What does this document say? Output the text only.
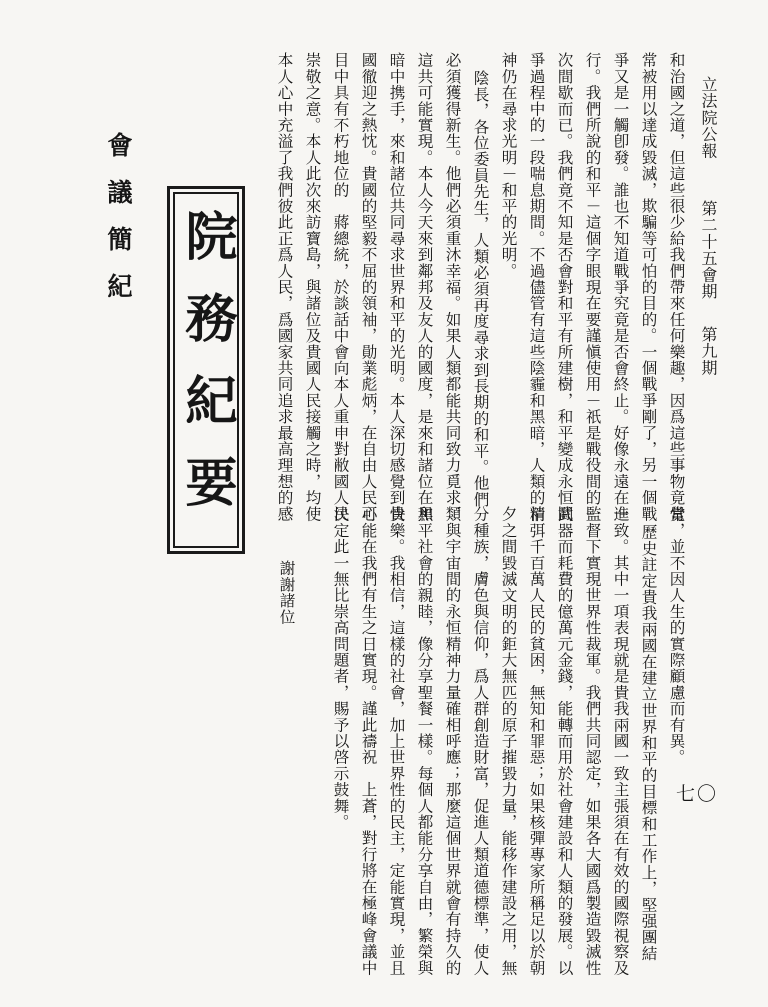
立法院公報
第二十五會期
第九期
和治國之道，但這些很少給我們帶來任何樂趣，因爲這些事物竟常
常被用以達成毀滅，欺騙等可怕的目的。一個戰爭剛了，另一個戰
爭又是一觸卽發。誰也不知道戰爭究竟是否會終止。好像永遠在進
行。我們所說的和平－這個字眼現在要謹愼使用－祇是戰役間的一
次間歇而已。我們竟不知是否會對和平有所建樹，和平變成永恒鬪
爭過程中的一段喘息期間。不過儘管有這些陰霾和黑暗，人類的精
神仍在尋求光明－和平的光明。
陰長，各位委員先生，人類必須再度尋求到長期的和平。他們
必須獲得新生。他們必須重沐幸福。如果人類都能共同致力覓求，
這共可能實現。本人今天來到鄰邦及友人的國度，是來和諸位在黑
暗中携手，來和諸位共同尋求世界和平的光明。本人深切感覺到貴
國徹迎之熱忱。貴國的堅毅不屈的領袖，勛業彪炳，在自由人民心
目中具有不朽地位的　蔣總統，於談話中會向本人重申對敝國人民
崇敬之意。本人此次來訪寶島，與諸位及貴國人民接觸之時，均使
本人心中充溢了我們彼此正爲人民，爲國家共同追求最高理想的感
院務紀要
會議簡紀
覺，並不因人生的實際顧慮而有異。
歷史註定貴我兩國在建立世界和平的目標和工作上，堅强團結
一致。其中一項表現就是貴我兩國一致主張須在有效的國際視察及
監督下實現世界性裁軍。我們共同認定，如果各大國爲製造毀滅性
武器而耗費的億萬元金錢，能轉而用於社會建設和人類的發展。以
消弭千百萬人民的貧困，無知和罪惡；如果核彈專家所稱足以於朝
夕之間毀滅文明的鉅大無匹的原子摧毀力量，能移作建設之用，無
分種族，膚色與信仰，爲人群創造財富，促進人類道德標準，使人
類與宇宙間的永恒精神力量確相呼應；那麼這個世界就會有持久的
和平社會的親睦，像分享聖餐一樣。每個人都能分享自由，繁榮與
快樂。我相信，這樣的社會，加上世界性的民主，定能實現，並且
可能在我們有生之日實現。謹此禱祝　上蒼，對行將在極峰會議中
決定此一無比崇高問題者，賜予以啓示鼓舞。
謝謝諸位
七〇
